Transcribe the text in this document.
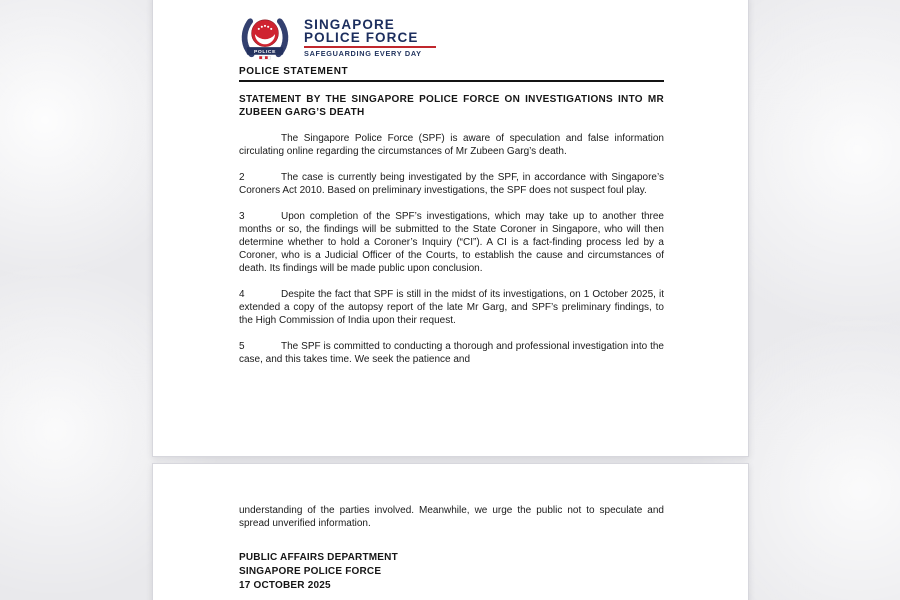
POLICE
SINGAPORE
POLICE FORCE
SAFEGUARDING EVERY DAY
POLICE STATEMENT
STATEMENT BY THE SINGAPORE POLICE FORCE ON INVESTIGATIONS INTO MR ZUBEEN GARG’S DEATH

The Singapore Police Force (SPF) is aware of speculation and false information circulating online regarding the circumstances of Mr Zubeen Garg’s death.

2	The case is currently being investigated by the SPF, in accordance with Singapore’s Coroners Act 2010. Based on preliminary investigations, the SPF does not suspect foul play.

3	Upon completion of the SPF’s investigations, which may take up to another three months or so, the findings will be submitted to the State Coroner in Singapore, who will then determine whether to hold a Coroner’s Inquiry (“CI”). A CI is a fact-finding process led by a Coroner, who is a Judicial Officer of the Courts, to establish the cause and circumstances of death. Its findings will be made public upon conclusion.

4	Despite the fact that SPF is still in the midst of its investigations, on 1 October 2025, it extended a copy of the autopsy report of the late Mr Garg, and SPF’s preliminary findings, to the High Commission of India upon their request.

5	The SPF is committed to conducting a thorough and professional investigation into the case, and this takes time. We seek the patience and

understanding of the parties involved. Meanwhile, we urge the public not to speculate and spread unverified information.

PUBLIC AFFAIRS DEPARTMENT
SINGAPORE POLICE FORCE
17 OCTOBER 2025
